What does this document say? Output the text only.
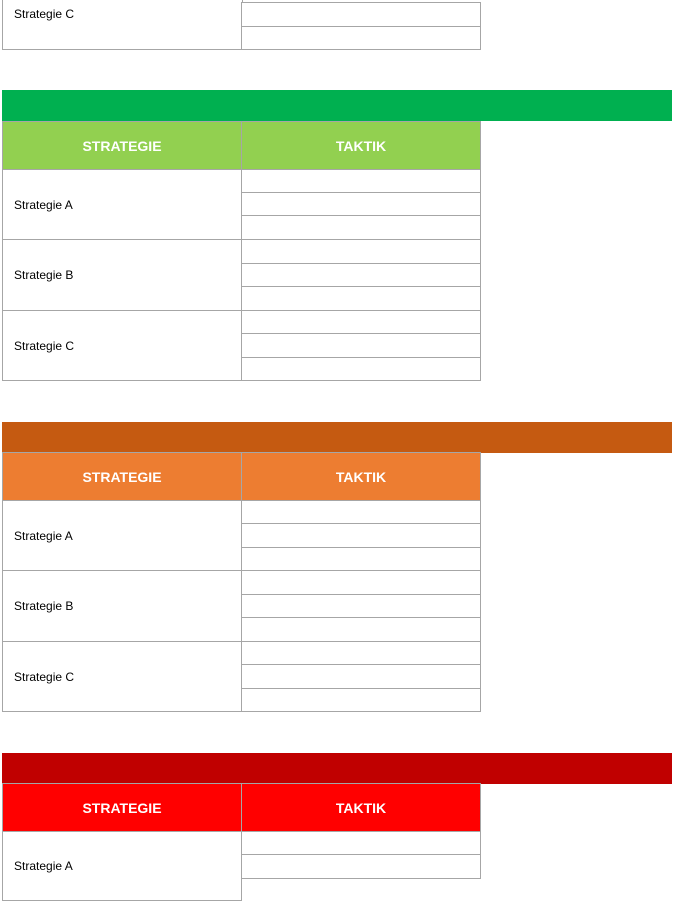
Strategie C
STRATEGIE	TAKTIK
Strategie A
Strategie B
Strategie C
STRATEGIE	TAKTIK
Strategie A
Strategie B
Strategie C
STRATEGIE	TAKTIK
Strategie A
